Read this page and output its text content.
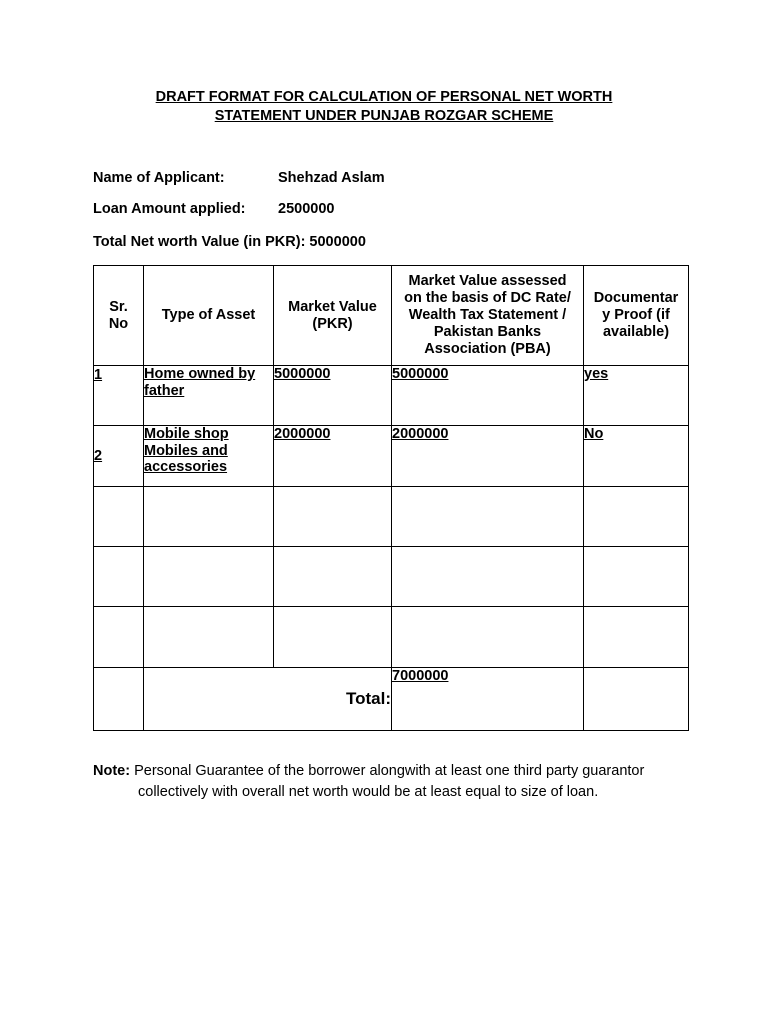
DRAFT FORMAT FOR CALCULATION OF PERSONAL NET WORTH
STATEMENT UNDER PUNJAB ROZGAR SCHEME
Name of Applicant:	Shehzad Aslam
Loan Amount applied: 2500000
Total Net worth Value (in PKR): 5000000
Sr. No	Type of Asset	Market Value (PKR)	Market Value assessed on the basis of DC Rate/ Wealth Tax Statement / Pakistan Banks Association (PBA)	Documentar y Proof (if available)
1	Home owned by father	5000000	5000000	yes
2	Mobile shop Mobiles and accessories	2000000	2000000	No

	Total:		7000000	
Note: Personal Guarantee of the borrower alongwith at least one third party guarantor
collectively with overall net worth would be at least equal to size of loan.
